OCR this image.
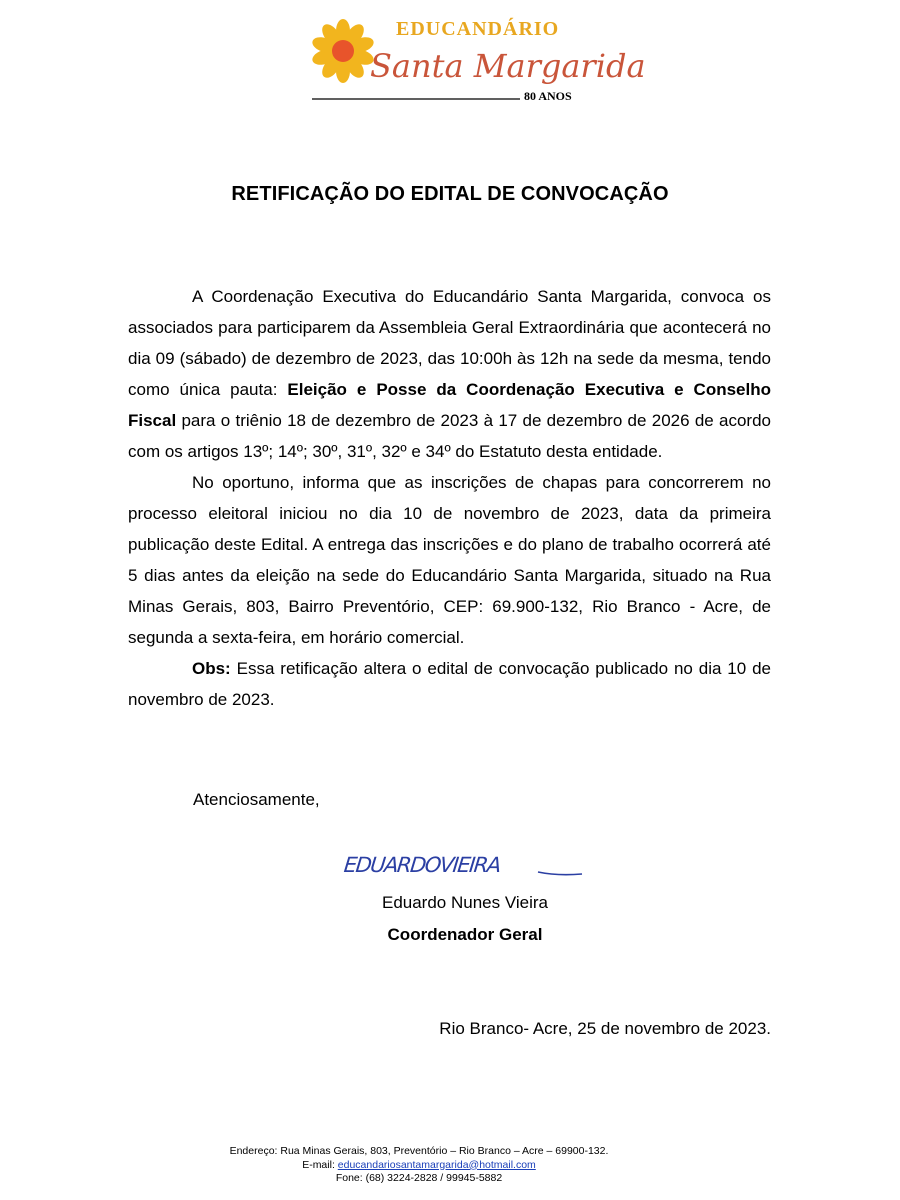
EDUCANDÁRIO
Santa Margarida
80 ANOS
RETIFICAÇÃO DO EDITAL DE CONVOCAÇÃO

A Coordenação Executiva do Educandário Santa Margarida, convoca os associados para participarem da Assembleia Geral Extraordinária que acontecerá no dia 09 (sábado) de dezembro de 2023, das 10:00h às 12h na sede da mesma, tendo como única pauta: Eleição e Posse da Coordenação Executiva e Conselho Fiscal para o triênio 18 de dezembro de 2023 à 17 de dezembro de 2026 de acordo com os artigos 13º; 14º; 30º, 31º, 32º e 34º do Estatuto desta entidade.

No oportuno, informa que as inscrições de chapas para concorrerem no processo eleitoral iniciou no dia 10 de novembro de 2023, data da primeira publicação deste Edital. A entrega das inscrições e do plano de trabalho ocorrerá até 5 dias antes da eleição na sede do Educandário Santa Margarida, situado na Rua Minas Gerais, 803, Bairro Preventório, CEP: 69.900-132, Rio Branco - Acre, de segunda a sexta-feira, em horário comercial.

Obs: Essa retificação altera o edital de convocação publicado no dia 10 de novembro de 2023.

Atenciosamente,
EDUARDOVIEIRA
Eduardo Nunes Vieira
Coordenador Geral
Rio Branco- Acre, 25 de novembro de 2023.
Endereço: Rua Minas Gerais, 803, Preventório – Rio Branco – Acre – 69900-132.
E-mail: educandariosantamargarida@hotmail.com
Fone: (68) 3224-2828 / 99945-5882
